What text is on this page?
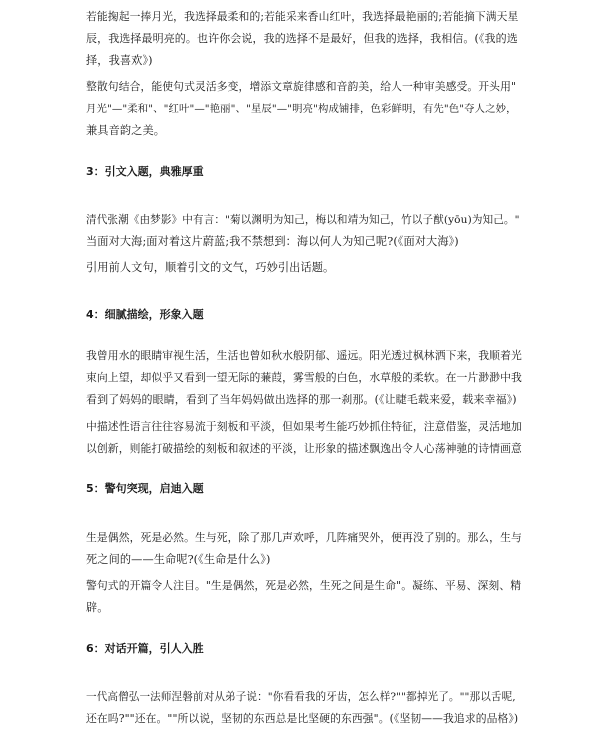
若能掬起一捧月光，我选择最柔和的;若能采来香山红叶，我选择最艳丽的;若能摘下满天星
辰，我选择最明亮的。也许你会说，我的选择不是最好，但我的选择，我相信。(《我的选
择，我喜欢》)

整散句结合，能使句式灵活多变，增添文章旋律感和音韵美，给人一种审美感受。开头用"
月光"—"柔和"、"红叶"—"艳丽"、"星辰"—"明亮"构成铺排，色彩鲜明，有先"色"夺人之妙，
兼具音韵之美。

3：引文入题，典雅厚重

清代张潮《由梦影》中有言："菊以渊明为知己，梅以和靖为知己，竹以子猷(yōu)为知己。"
当面对大海;面对着这片蔚蓝;我不禁想到：海以何人为知己呢?(《面对大海》)

引用前人文句，顺着引文的文气，巧妙引出话题。

4：细腻描绘，形象入题

我曾用水的眼睛审视生活，生活也曾如秋水般阴郁、遥远。阳光透过枫林洒下来，我顺着光
束向上望，却似乎又看到一望无际的蒹葭，雾雪般的白色，水草般的柔软。在一片渺渺中我
看到了妈妈的眼睛，看到了当年妈妈做出选择的那一刹那。(《让睫毛载来爱，载来幸福》)

中描述性语言往往容易流于刻板和平淡，但如果考生能巧妙抓住特征，注意借鉴，灵活地加
以创新，则能打破描绘的刻板和叙述的平淡，让形象的描述飘逸出令人心荡神驰的诗情画意

5：警句突现，启迪入题

生是偶然，死是必然。生与死，除了那几声欢呼，几阵痛哭外，便再没了别的。那么，生与
死之间的——生命呢?(《生命是什么》)

警句式的开篇令人注目。"生是偶然，死是必然，生死之间是生命"。凝练、平易、深刻、精
辟。

6：对话开篇，引人入胜

一代高僧弘一法师涅磐前对从弟子说："你看看我的牙齿，怎么样?""都掉光了。""那以舌呢,
还在吗?""还在。""所以说，坚韧的东西总是比坚硬的东西强"。(《坚韧——我追求的品格》)
